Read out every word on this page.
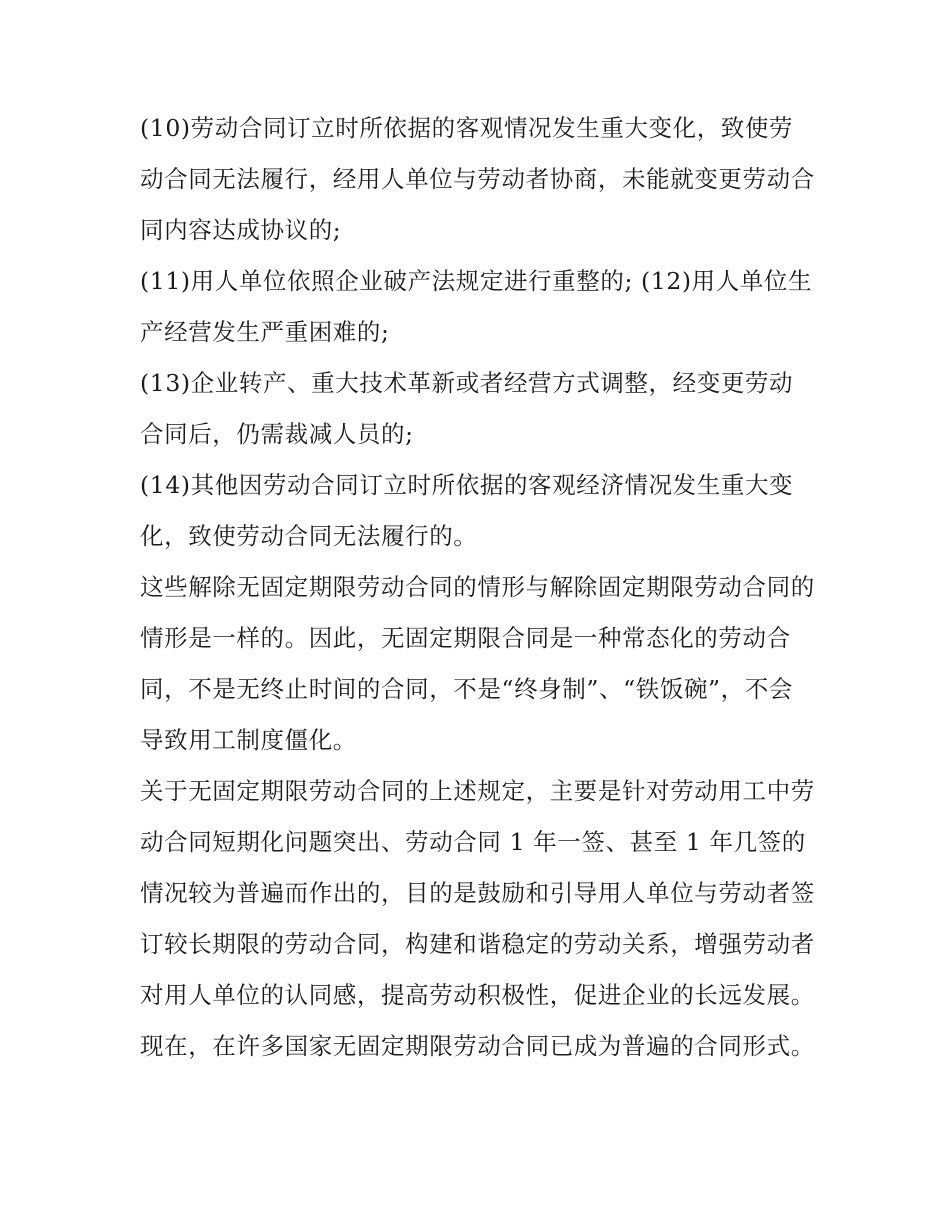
(10)劳动合同订立时所依据的客观情况发生重大变化，致使劳动合同无法履行，经用人单位与劳动者协商，未能就变更劳动合同内容达成协议的;

(11)用人单位依照企业破产法规定进行重整的; (12)用人单位生产经营发生严重困难的;

(13)企业转产、重大技术革新或者经营方式调整，经变更劳动合同后，仍需裁减人员的;

(14)其他因劳动合同订立时所依据的客观经济情况发生重大变化，致使劳动合同无法履行的。

这些解除无固定期限劳动合同的情形与解除固定期限劳动合同的情形是一样的。因此，无固定期限合同是一种常态化的劳动合同，不是无终止时间的合同，不是“终身制”、“铁饭碗”，不会导致用工制度僵化。

关于无固定期限劳动合同的上述规定，主要是针对劳动用工中劳动合同短期化问题突出、劳动合同 1 年一签、甚至 1 年几签的情况较为普遍而作出的，目的是鼓励和引导用人单位与劳动者签订较长期限的劳动合同，构建和谐稳定的劳动关系，增强劳动者对用人单位的认同感，提高劳动积极性，促进企业的长远发展。现在，在许多国家无固定期限劳动合同已成为普遍的合同形式。
